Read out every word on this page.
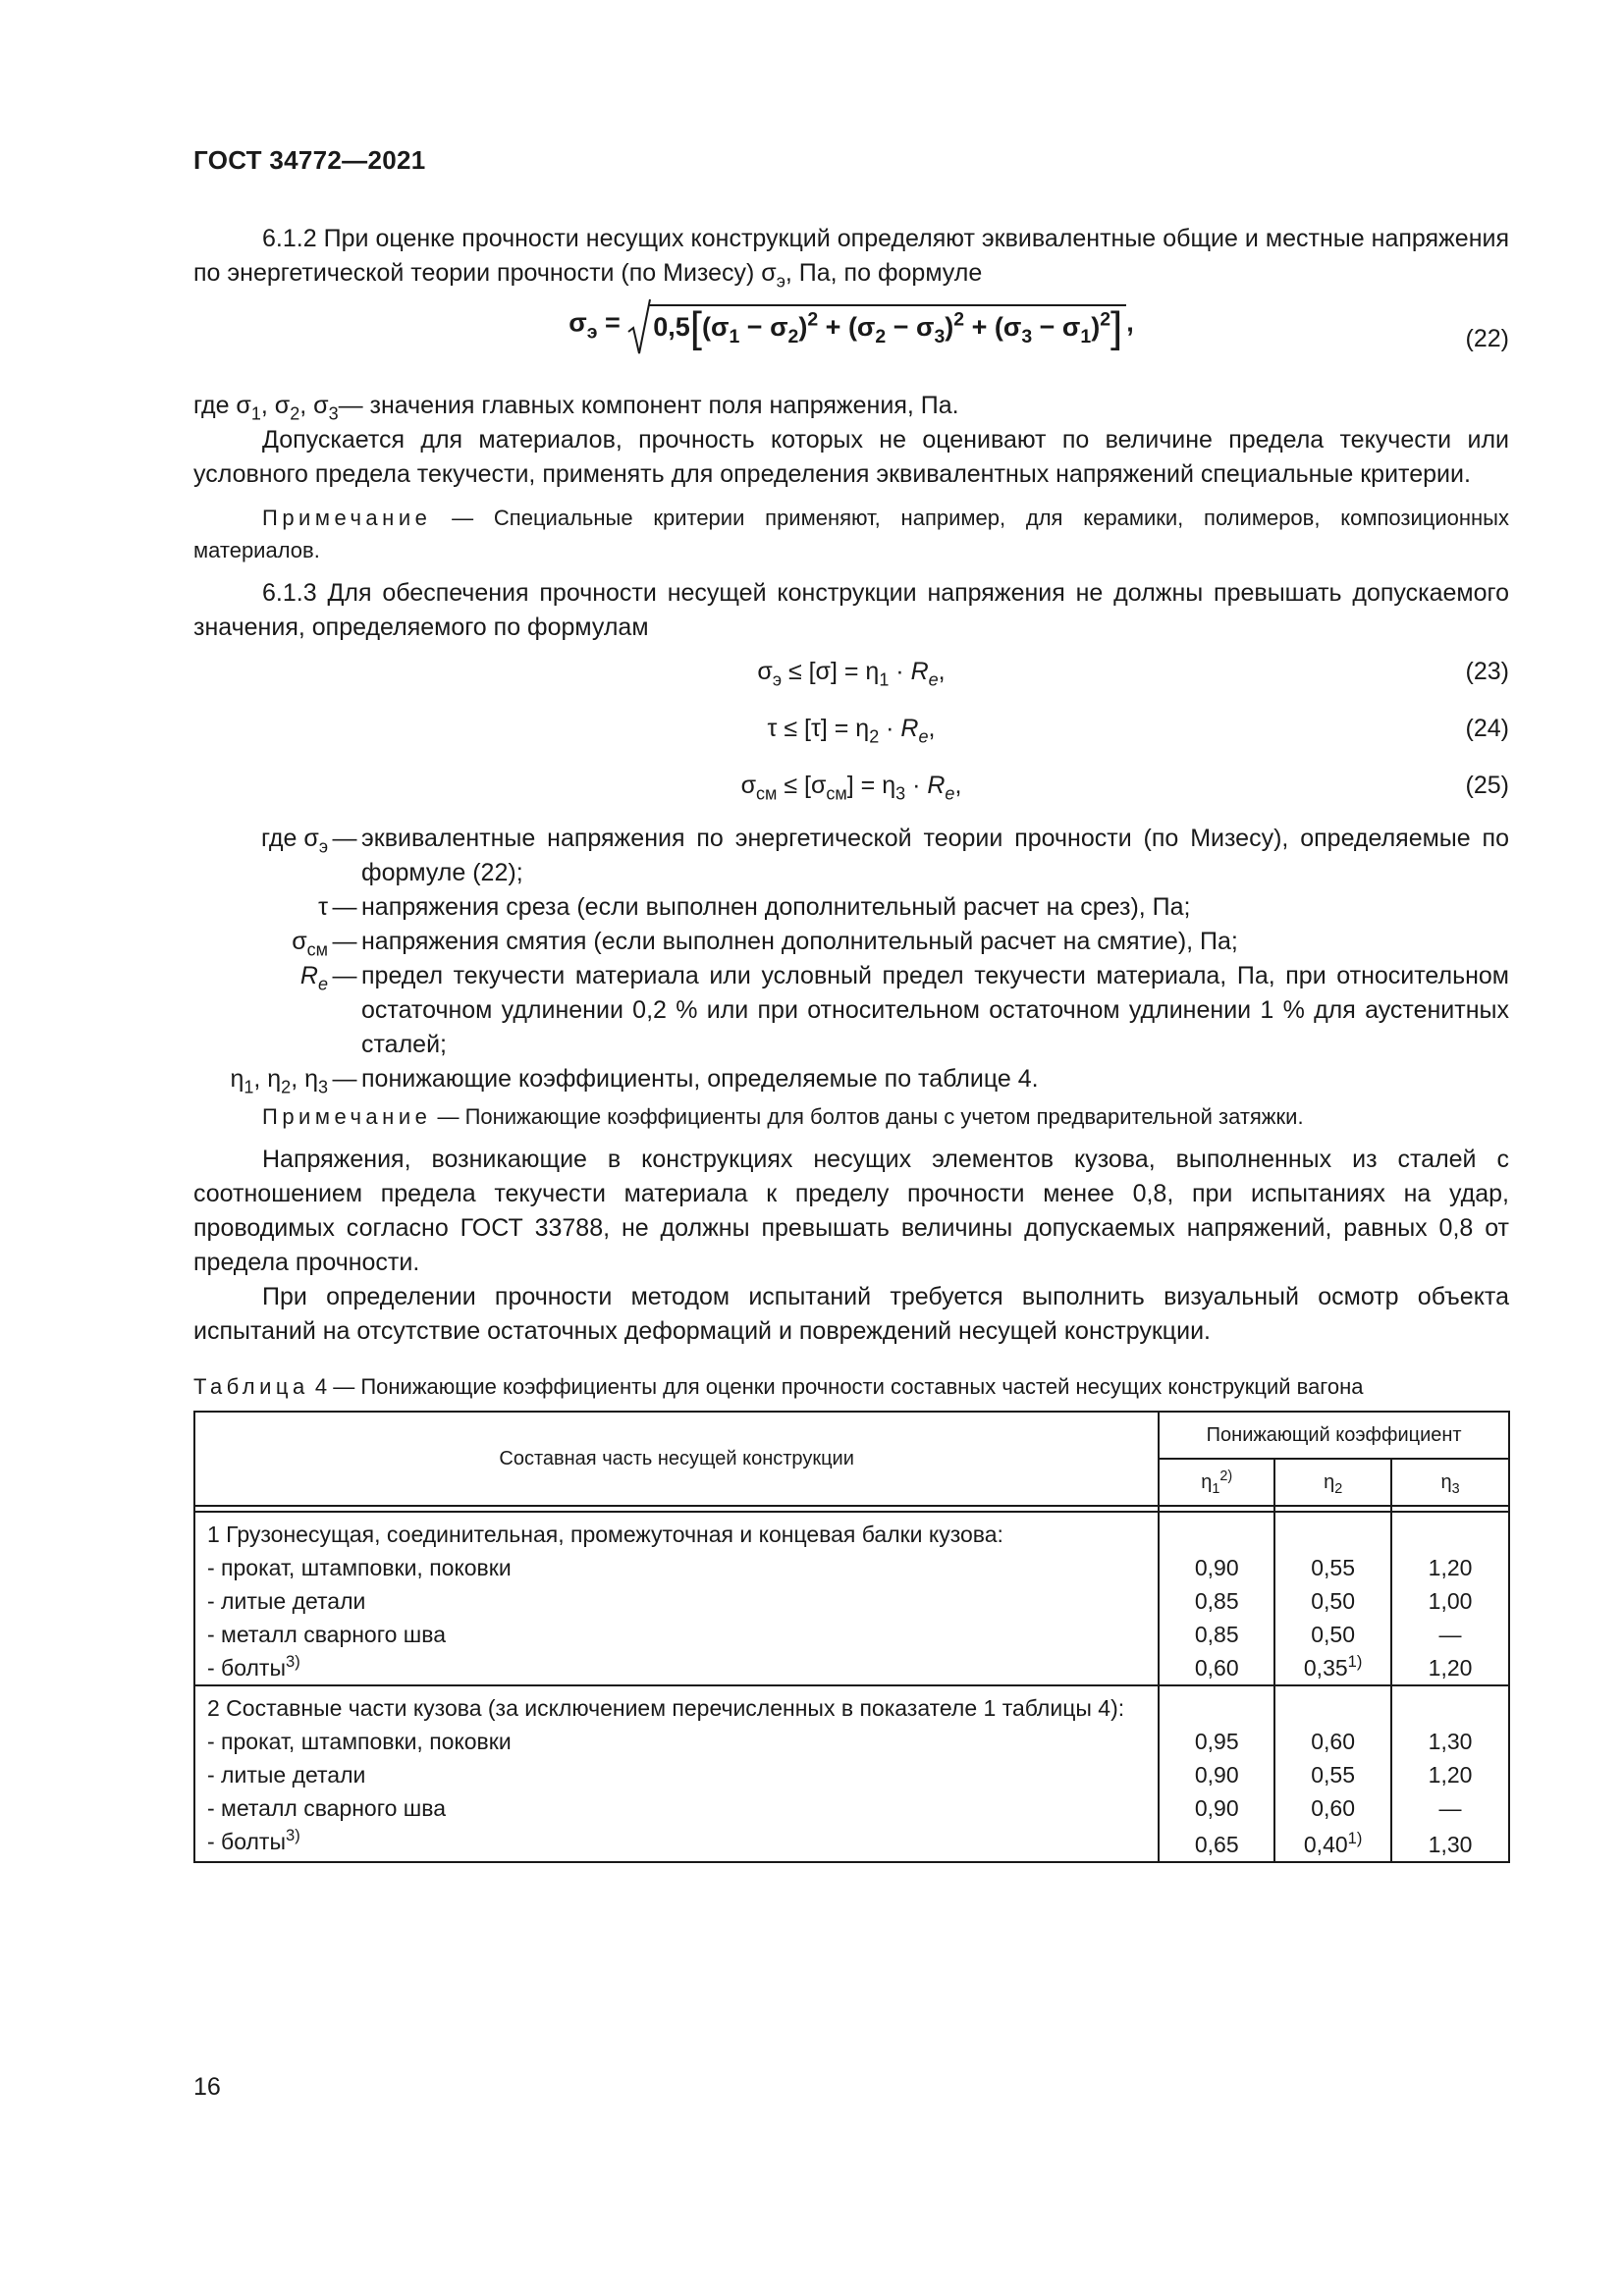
ГОСТ 34772—2021

6.1.2 При оценке прочности несущих конструкций определяют эквивалентные общие и местные напряжения по энергетической теории прочности (по Мизесу) $\sigma_э$, Па, по формуле

$\sigma_э$ =
$0,5[(\sigma_1 - \sigma_2)^2 + (\sigma_2 - \sigma_3)^2 + (\sigma_3 - \sigma_1)^2]$ ,
(22)
где $\sigma_1$, $\sigma_2$, $\sigma_3$ — значения главных компонент поля напряжения, Па.

Допускается для материалов, прочность которых не оценивают по величине предела текучести или условного предела текучести, применять для определения эквивалентных напряжений специальные критерии.

Примечание — Специальные критерии применяют, например, для керамики, полимеров, композиционных материалов.

6.1.3 Для обеспечения прочности несущей конструкции напряжения не должны превышать допускаемого значения, определяемого по формулам

$\sigma_э \le [\sigma] = \eta_1 \cdot R_e$,	(23)
$\tau \le [\tau] = \eta_2 \cdot R_e$,	(24)
$\sigma_{см} \le [\sigma_{см}] = \eta_3 \cdot R_e$,	(25)
где $\sigma_э$ — эквивалентные напряжения по энергетической теории прочности (по Мизесу), определяемые по формуле (22);
τ — напряжения среза (если выполнен дополнительный расчет на срез), Па;
$\sigma_{см}$ — напряжения смятия (если выполнен дополнительный расчет на смятие), Па;
$R_e$ — предел текучести материала или условный предел текучести материала, Па, при относительном остаточном удлинении 0,2 % или при относительном остаточном удлинении 1 % для аустенитных сталей;
$\eta_1$, $\eta_2$, $\eta_3$ — понижающие коэффициенты, определяемые по таблице 4.

Примечание — Понижающие коэффициенты для болтов даны с учетом предварительной затяжки.

Напряжения, возникающие в конструкциях несущих элементов кузова, выполненных из сталей с соотношением предела текучести материала к пределу прочности менее 0,8, при испытаниях на удар, проводимых согласно ГОСТ 33788, не должны превышать величины допускаемых напряжений, равных 0,8 от предела прочности.

При определении прочности методом испытаний требуется выполнить визуальный осмотр объекта испытаний на отсутствие остаточных деформаций и повреждений несущей конструкции.

Таблица 4 — Понижающие коэффициенты для оценки прочности составных частей несущих конструкций вагона
Составная часть несущей конструкции	Понижающий коэффициент		
	$\eta_1^{2)}$	$\eta_2$	$\eta_3$

1 Грузонесущая, соединительная, промежуточная и концевая балки кузова:			
- прокат, штамповки, поковки	0,90	0,55	1,20
- литые детали	0,85	0,50	1,00
- металл сварного шва	0,85	0,50	—
- болты$^{3)}$	0,60	0,35$^{1)}$	1,20
2 Составные части кузова (за исключением перечисленных в показателе 1 таблицы 4):			
- прокат, штамповки, поковки	0,95	0,60	1,30
- литые детали	0,90	0,55	1,20
- металл сварного шва	0,90	0,60	—
- болты$^{3)}$	0,65	0,40$^{1)}$	1,30
16
